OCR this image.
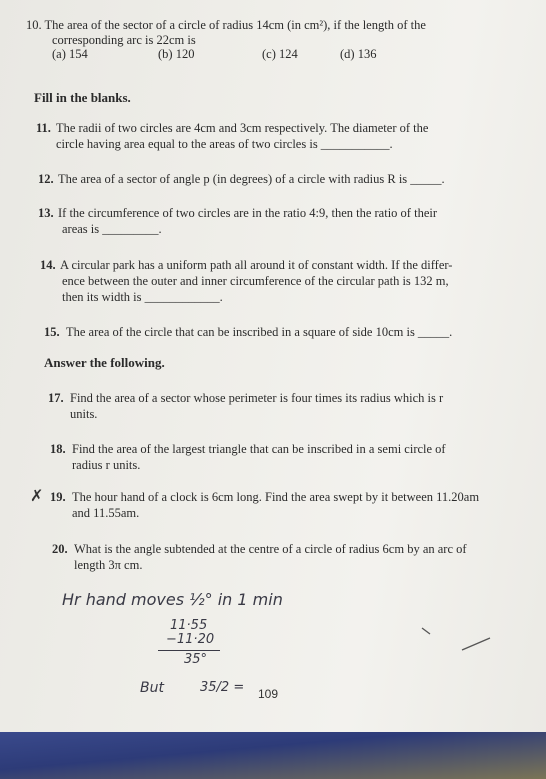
10. The area of the sector of a circle of radius 14cm (in cm²), if the length of the
corresponding arc is 22cm is
(a) 154	(b) 120	(c) 124	(d) 136
Fill in the blanks.
11. The radii of two circles are 4cm and 3cm respectively. The diameter of the
circle having area equal to the areas of two circles is ___________.
12. The area of a sector of angle p (in degrees) of a circle with radius R is _____.
13. If the circumference of two circles are in the ratio 4:9, then the ratio of their
areas is _________.
14. A circular park has a uniform path all around it of constant width. If the differ-
ence between the outer and inner circumference of the circular path is 132 m,
then its width is ____________.
15. The area of the circle that can be inscribed in a square of side 10cm is _____.
Answer the following.
17. Find the area of a sector whose perimeter is four times its radius which is r
units.
18. Find the area of the largest triangle that can be inscribed in a semi circle of
radius r units.
✗ 19. The hour hand of a clock is 6cm long. Find the area swept by it between 11.20am
and 11.55am.
20. What is the angle subtended at the centre of a circle of radius 6cm by an arc of
length 3π cm.
Hr hand moves ½° in 1 min
11·55
−11·20
35°
But	35/2 = 109
